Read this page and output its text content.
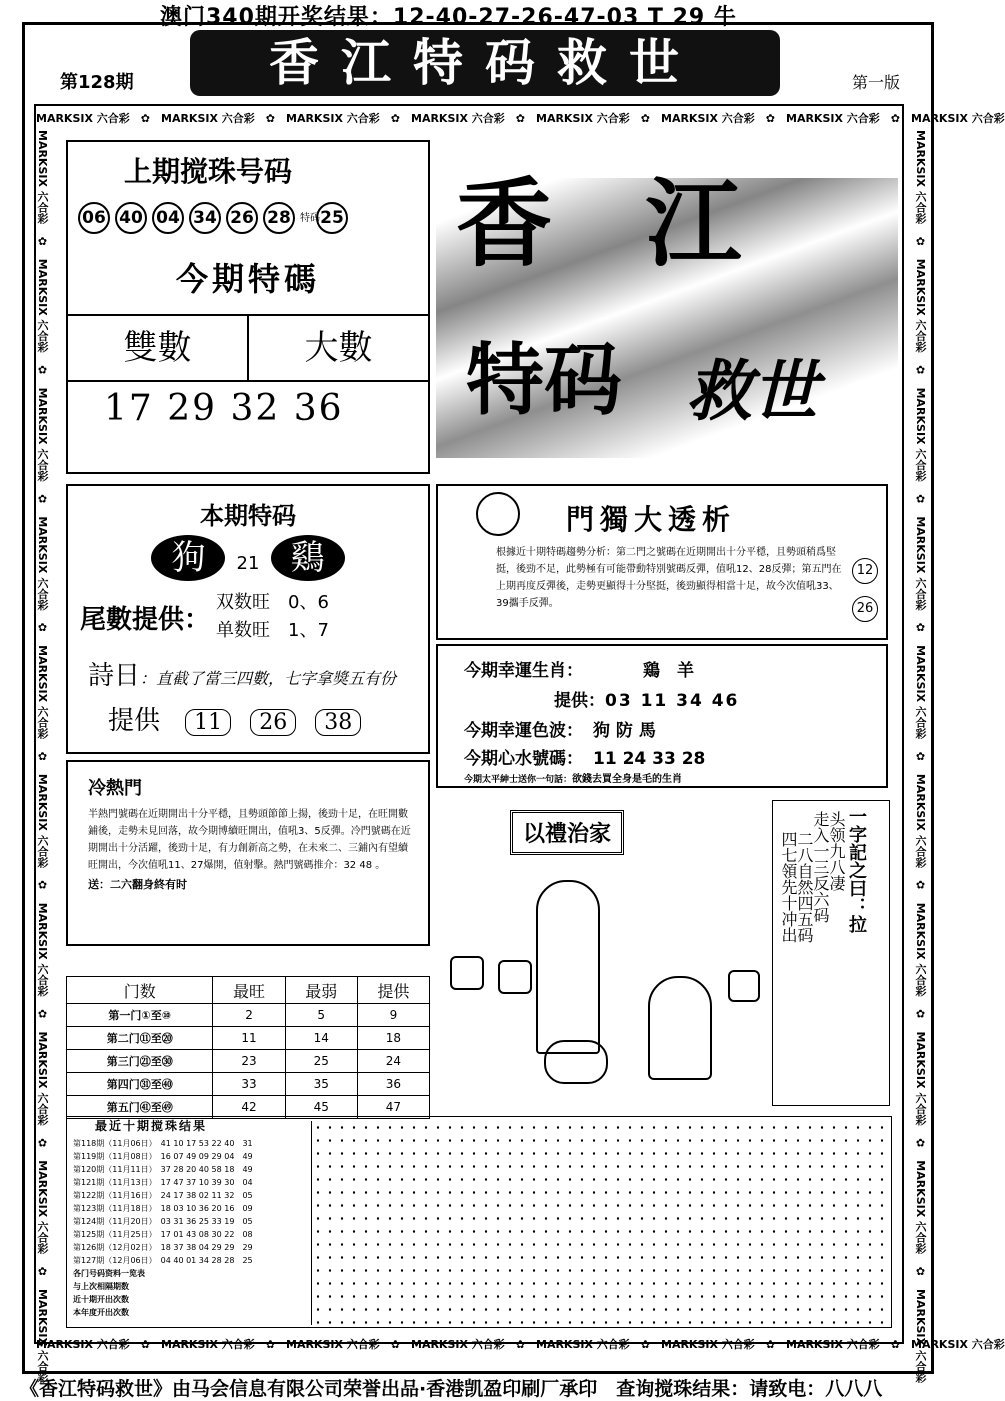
澳门340期开奖结果：12-40-27-26-47-03 T 29 牛
香江特码救世
第128期	第一版
MARKSIX 六合彩　✿　MARKSIX 六合彩　✿　MARKSIX 六合彩　✿　MARKSIX 六合彩　✿　MARKSIX 六合彩　✿　MARKSIX 六合彩　✿　MARKSIX 六合彩　✿　MARKSIX 六合彩
MARKSIX 六合彩　✿　MARKSIX 六合彩　✿　MARKSIX 六合彩　✿　MARKSIX 六合彩　✿　MARKSIX 六合彩　✿　MARKSIX 六合彩　✿　MARKSIX 六合彩　✿　MARKSIX 六合彩
MARKSIX 六合彩　✿　MARKSIX 六合彩　✿　MARKSIX 六合彩　✿　MARKSIX 六合彩　✿　MARKSIX 六合彩　✿　MARKSIX 六合彩　✿　MARKSIX 六合彩　✿　MARKSIX 六合彩　✿　MARKSIX 六合彩　✿　MARKSIX 六合彩
MARKSIX 六合彩　✿　MARKSIX 六合彩　✿　MARKSIX 六合彩　✿　MARKSIX 六合彩　✿　MARKSIX 六合彩　✿　MARKSIX 六合彩　✿　MARKSIX 六合彩　✿　MARKSIX 六合彩　✿　MARKSIX 六合彩　✿　MARKSIX 六合彩
上期搅珠号码
06 40 04 34 26 28 特码25
今期特碼
雙數	大數
17 29 32 36
香 江
特码 救世
本期特码
狗 21 鷄
尾數提供：
双数旺　 0、6
单数旺　 1、7
詩日：直截了當三四數，七字拿獎五有份
提供 11 26 38
門獨大透析
根據近十期特碼趨勢分析：第二門之號碼在近期開出十分平穩，且勢頭稍爲堅挺，後勁不足，此勢極有可能帶動特別號碼反彈，值吼12、28反彈；第五門在上期再度反彈後，走勢更顯得十分堅挺，後勁顯得相當十足，故今次值吼33、39攜手反彈。
12
26
今期幸運生肖：	鶏　羊
提供：03 11 34 46
今期幸運色波： 狗 防 馬
今期心水號碼： 11 24 33 28
今期太平紳士送你一句話：欲錢去買全身是毛的生肖
冷熱門
半熱門號碼在近期開出十分平穩，且勢頭節節上揚，後勁十足，在旺開數鋪後，走勢未見回落，故今期博續旺開出，值吼3、5反彈。冷門號碼在近期開出十分活躍，後勁十足，有力創新高之勢，在未來二、三鋪內有望續旺開出，今次值吼11、27爆開，值射擊。熱門號碼推介：32 48 。
送：二六翻身終有时
以禮治家	一字記之曰：拉
头领九八凄
走入一三反六码
二八自然四五码
四七領先十冲出
门数	最旺	最弱	提供
第一门①至⑩	2	5	9
第二门⑪至⑳	11	14	18
第三门㉑至㉚	23	25	24
第四门㉛至㊵	33	35	36
第五门㊶至㊾	42	45	47
最近十期搅珠结果
第118期（11月06日）　 41 10 17 53 22 40　 31
第119期（11月08日）　 16 07 49 09 29 04　 49
第120期（11月11日）　 37 28 20 40 58 18　 49
第121期（11月13日）　 17 47 37 10 39 30　 04
第122期（11月16日）　 24 17 38 02 11 32　 05
第123期（11月18日）　 18 03 10 36 20 16　 09
第124期（11月20日）　 03 31 36 25 33 19　 05
第125期（11月25日）　 17 01 43 08 30 22　 08
第126期（12月02日）　 18 37 38 04 29 29　 29
第127期（12月06日）　 04 40 01 34 28 28　 25
各门号码资料一览表
与上次相隔期数
近十期开出次数
本年度开出次数
《香江特码救世》由马会信息有限公司荣誉出品·香港凯盈印刷厂承印　查询搅珠结果：请致电：八八八
